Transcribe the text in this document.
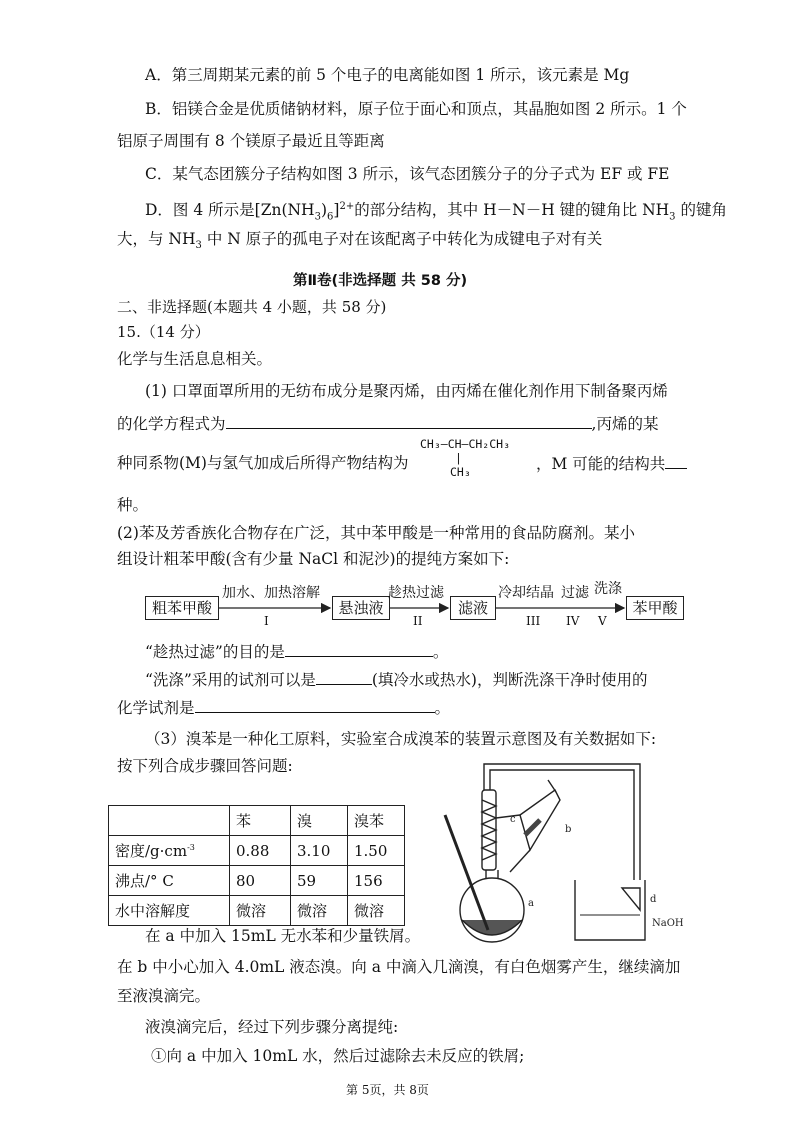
A．第三周期某元素的前 5 个电子的电离能如图 1 所示，该元素是 Mg
B．铝镁合金是优质储钠材料，原子位于面心和顶点，其晶胞如图 2 所示。1 个
铝原子周围有 8 个镁原子最近且等距离
C．某气态团簇分子结构如图 3 所示，该气态团簇分子的分子式为 EF 或 FE
D．图 4 所示是$[Zn(NH_3)_6]^{2+}$的部分结构，其中 H－N－H 键的键角比 $NH_3$ 的键角
大，与 $NH_3$ 中 N 原子的孤电子对在该配离子中转化为成键电子对有关
第Ⅱ卷(非选择题 共 58 分)
二、非选择题(本题共 4 小题，共 58 分)
15.（14 分）
化学与生活息息相关。
(1) 口罩面罩所用的无纺布成分是聚丙烯，由丙烯在催化剂作用下制备聚丙烯
的化学方程式为	,丙烯的某
CH₃—CH—CH₂CH₃
|
CH₃
种同系物(M)与氢气加成后所得产物结构为	，M 可能的结构共
种。
(2)苯及芳香族化合物存在广泛，其中苯甲酸是一种常用的食品防腐剂。某小
组设计粗苯甲酸(含有少量 NaCl 和泥沙)的提纯方案如下:
粗苯甲酸	悬浊液	滤液	苯甲酸
加水、加热溶解	趁热过滤	冷却结晶 过滤 洗涤
I	II	III IV V
“趁热过滤”的目的是	。
“洗涤”采用的试剂可以是	(填冷水或热水)，判断洗涤干净时使用的
化学试剂是	。
（3）溴苯是一种化工原料，实验室合成溴苯的装置示意图及有关数据如下:
按下列合成步骤回答问题:
	苯	溴	溴苯
密度$/g\cdot cm^{-3}$	0.88	3.10	1.50
沸点/° C	80	59	156
水中溶解度	微溶	微溶	微溶
c
b
a	d
NaOH
在 a 中加入 15mL 无水苯和少量铁屑。
在 b 中小心加入 4.0mL 液态溴。向 a 中滴入几滴溴，有白色烟雾产生，继续滴加
至液溴滴完。
液溴滴完后，经过下列步骤分离提纯:
①向 a 中加入 10mL 水，然后过滤除去未反应的铁屑;
第 5页，共 8页
